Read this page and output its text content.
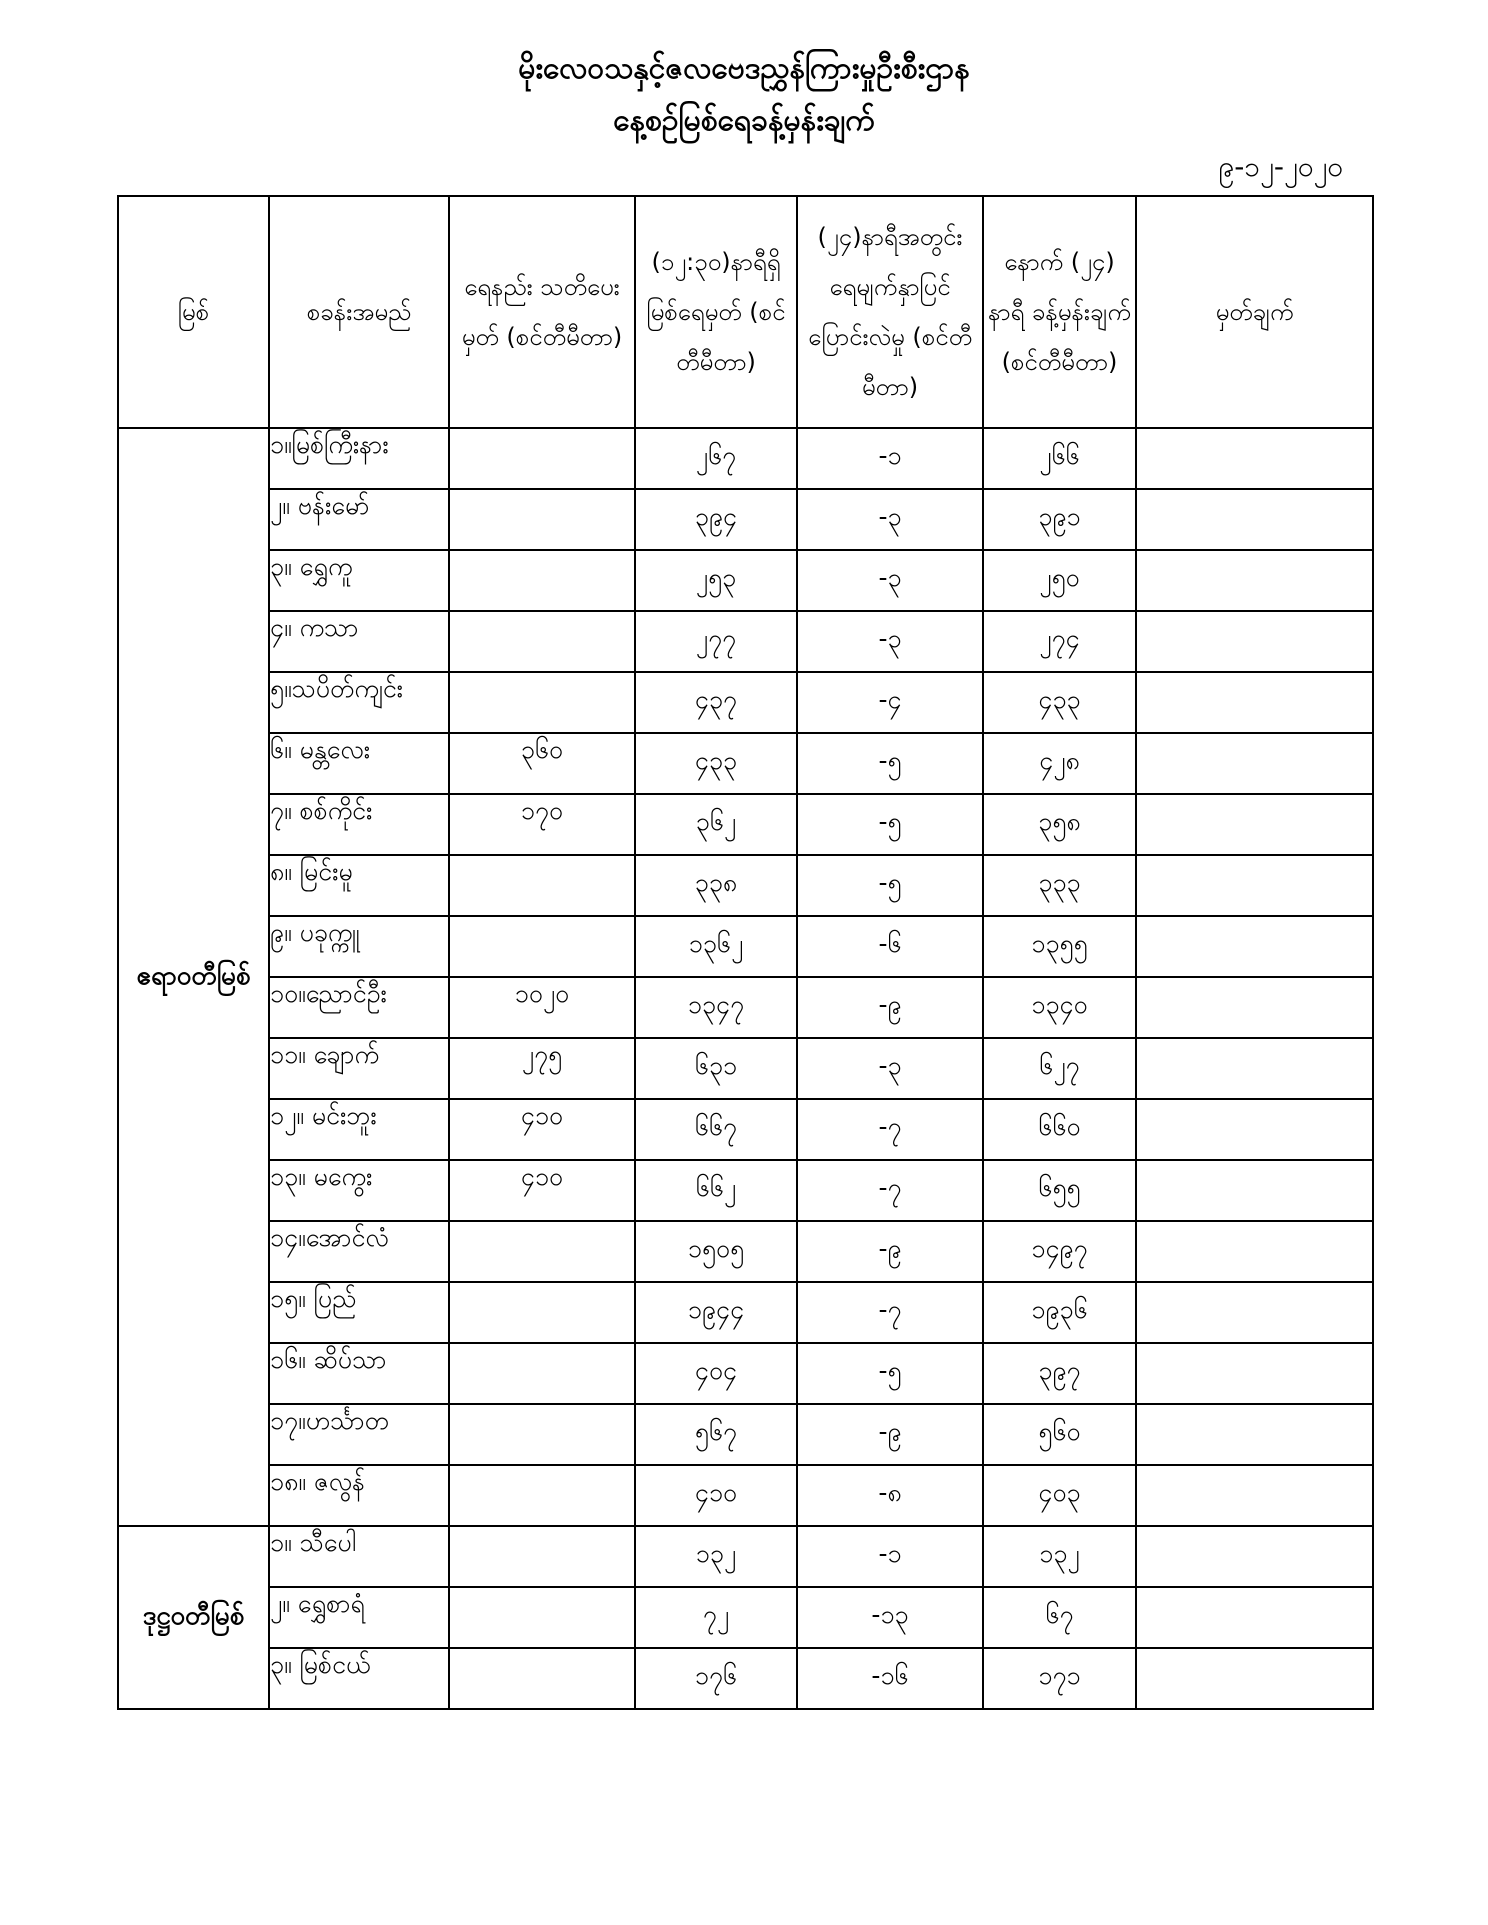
မိုးလေဝသနှင့်ဇလဗေဒညွှန်ကြားမှုဦးစီးဌာန
နေ့စဉ်မြစ်ရေခန့်မှန်းချက်
၉-၁၂-၂၀၂၀
မြစ်	စခန်းအမည်	ရေနည်း သတိပေးမှတ် (စင်တီမီတာ)	(၁၂:၃၀)နာရီရှိ မြစ်ရေမှတ် (စင်တီမီတာ)	(၂၄)နာရီအတွင်း ရေမျက်နှာပြင် ပြောင်းလဲမှု (စင်တီမီတာ)	နောက် (၂၄) နာရီ ခန့်မှန်းချက် (စင်တီမီတာ)	မှတ်ချက်
ဧရာဝတီမြစ်	၁။မြစ်ကြီးနား		၂၆၇	-၁	၂၆၆	
	၂။ ဗန်းမော်		၃၉၄	-၃	၃၉၁	
	၃။ ရွှေကူ		၂၅၃	-၃	၂၅၀	
	၄။ ကသာ		၂၇၇	-၃	၂၇၄	
	၅။သပိတ်ကျင်း		၄၃၇	-၄	၄၃၃	
	၆။ မန္တလေး	၃၆၀	၄၃၃	-၅	၄၂၈	
	၇။ စစ်ကိုင်း	၁၇၀	၃၆၂	-၅	၃၅၈	
	၈။ မြင်းမူ		၃၃၈	-၅	၃၃၃	
	၉။ ပခုက္ကူ		၁၃၆၂	-၆	၁၃၅၅	
	၁၀။ညောင်ဦး	၁၀၂၀	၁၃၄၇	-၉	၁၃၄၀	
	၁၁။ ချောက်	၂၇၅	၆၃၁	-၃	၆၂၇	
	၁၂။ မင်းဘူး	၄၁၀	၆၆၇	-၇	၆၆၀	
	၁၃။ မကွေး	၄၁၀	၆၆၂	-၇	၆၅၅	
	၁၄။အောင်လံ		၁၅၀၅	-၉	၁၄၉၇	
	၁၅။ ပြည်		၁၉၄၄	-၇	၁၉၃၆	
	၁၆။ ဆိပ်သာ		၄၀၄	-၅	၃၉၇	
	၁၇။ဟင်္သာတ		၅၆၇	-၉	၅၆၀	
	၁၈။ ဇလွန်		၄၁၀	-၈	၄၀၃	
ဒုဋ္ဌဝတီမြစ်	၁။ သီပေါ		၁၃၂	-၁	၁၃၂	
	၂။ ရွှေစာရံ		၇၂	-၁၃	၆၇	
	၃။ မြစ်ငယ်		၁၇၆	-၁၆	၁၇၁	
